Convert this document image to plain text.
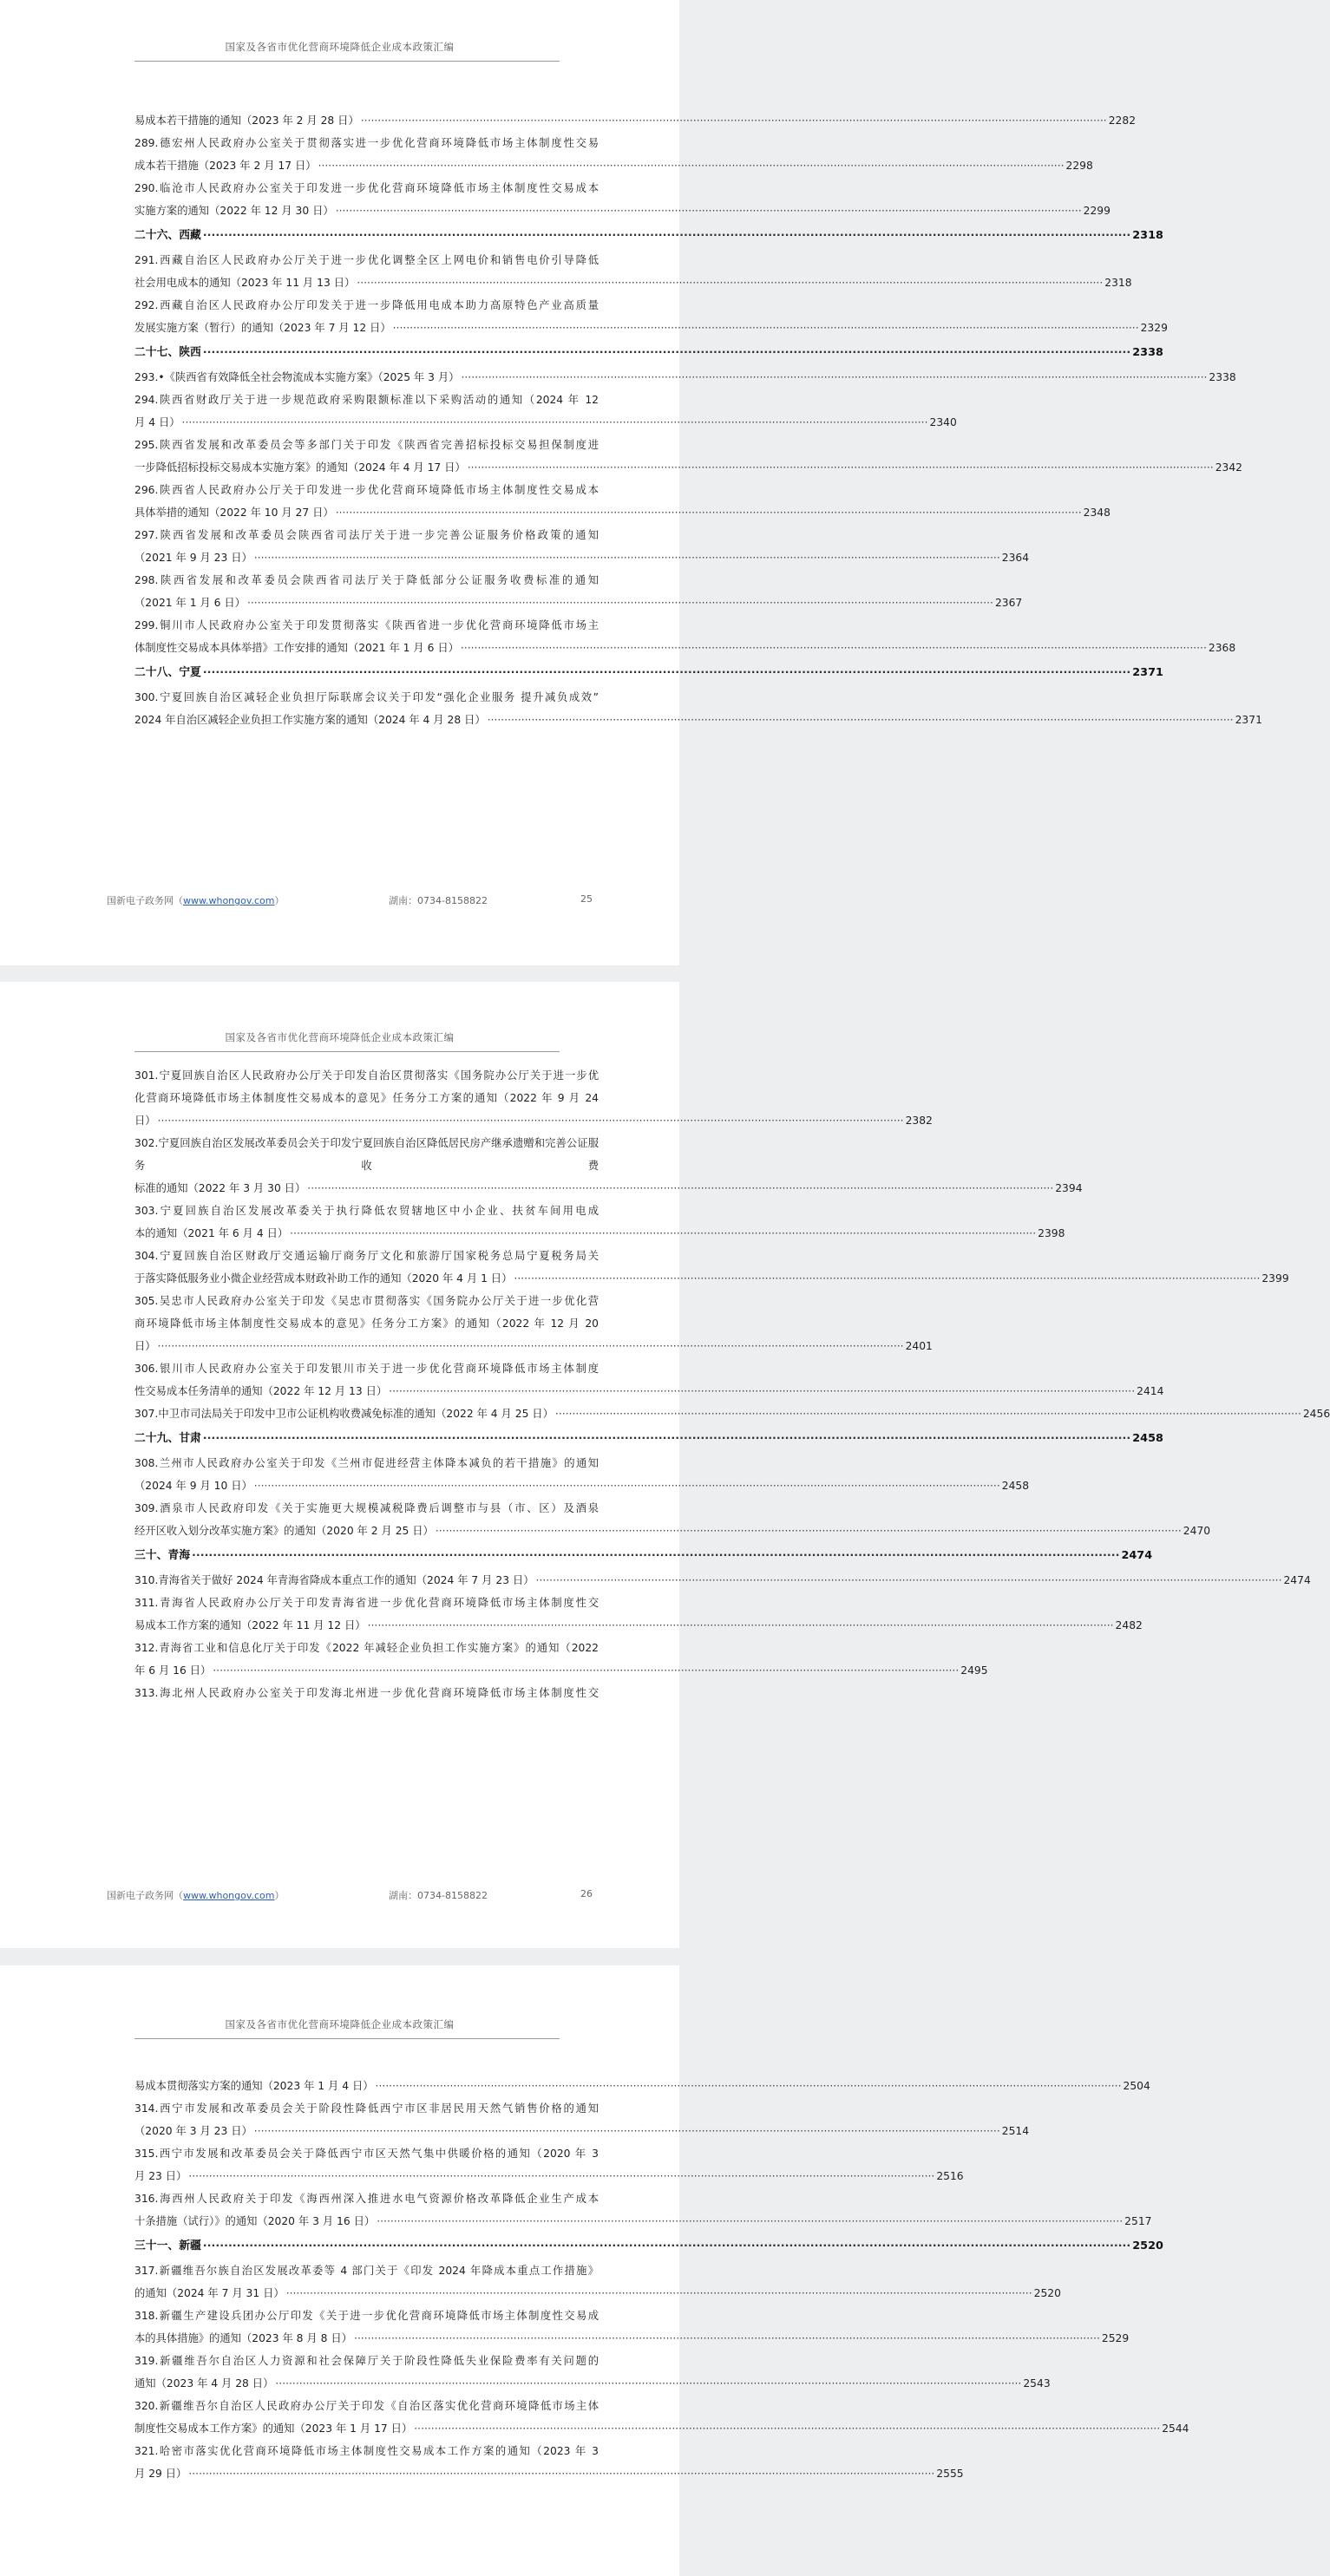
国家及各省市优化营商环境降低企业成本政策汇编
易成本若干措施的通知（2023 年 2 月 28 日） ···························································································································································································································· 2282
289.德宏州人民政府办公室关于贯彻落实进一步优化营商环境降低市场主体制度性交易
成本若干措施（2023 年 2 月 17 日） ···························································································································································································································· 2298
290.临沧市人民政府办公室关于印发进一步优化营商环境降低市场主体制度性交易成本
实施方案的通知（2022 年 12 月 30 日） ···························································································································································································································· 2299
二十六、西藏 ···························································································································································································································· 2318
291.西藏自治区人民政府办公厅关于进一步优化调整全区上网电价和销售电价引导降低
社会用电成本的通知（2023 年 11 月 13 日） ···························································································································································································································· 2318
292.西藏自治区人民政府办公厅印发关于进一步降低用电成本助力高原特色产业高质量
发展实施方案（暂行）的通知（2023 年 7 月 12 日） ···························································································································································································································· 2329
二十七、陕西 ···························································································································································································································· 2338
293.•《陕西省有效降低全社会物流成本实施方案》（2025 年 3 月） ···························································································································································································································· 2338
294.陕西省财政厅关于进一步规范政府采购限额标准以下采购活动的通知（2024 年 12
月 4 日） ···························································································································································································································· 2340
295.陕西省发展和改革委员会等多部门关于印发《陕西省完善招标投标交易担保制度进
一步降低招标投标交易成本实施方案》的通知（2024 年 4 月 17 日） ···························································································································································································································· 2342
296.陕西省人民政府办公厅关于印发进一步优化营商环境降低市场主体制度性交易成本
具体举措的通知（2022 年 10 月 27 日） ···························································································································································································································· 2348
297.陕西省发展和改革委员会陕西省司法厅关于进一步完善公证服务价格政策的通知
（2021 年 9 月 23 日） ···························································································································································································································· 2364
298.陕西省发展和改革委员会陕西省司法厅关于降低部分公证服务收费标准的通知
（2021 年 1 月 6 日） ···························································································································································································································· 2367
299.铜川市人民政府办公室关于印发贯彻落实《陕西省进一步优化营商环境降低市场主
体制度性交易成本具体举措》工作安排的通知（2021 年 1 月 6 日） ···························································································································································································································· 2368
二十八、宁夏 ···························································································································································································································· 2371
300.宁夏回族自治区减轻企业负担厅际联席会议关于印发“强化企业服务 提升减负成效”
2024 年自治区减轻企业负担工作实施方案的通知（2024 年 4 月 28 日） ···························································································································································································································· 2371
国新电子政务网（www.whongov.com）	湖南：0734-8158822	25
国家及各省市优化营商环境降低企业成本政策汇编
301.宁夏回族自治区人民政府办公厅关于印发自治区贯彻落实《国务院办公厅关于进一步优
化营商环境降低市场主体制度性交易成本的意见》任务分工方案的通知（2022 年 9 月 24
日） ···························································································································································································································· 2382
302.宁夏回族自治区发展改革委员会关于印发宁夏回族自治区降低居民房产继承遗赠和完善公证服务收费
标准的通知（2022 年 3 月 30 日） ···························································································································································································································· 2394
303.宁夏回族自治区发展改革委关于执行降低农贸辖地区中小企业、扶贫车间用电成
本的通知（2021 年 6 月 4 日） ···························································································································································································································· 2398
304.宁夏回族自治区财政厅交通运输厅商务厅文化和旅游厅国家税务总局宁夏税务局关
于落实降低服务业小微企业经营成本财政补助工作的通知（2020 年 4 月 1 日） ···························································································································································································································· 2399
305.吴忠市人民政府办公室关于印发《吴忠市贯彻落实《国务院办公厅关于进一步优化营
商环境降低市场主体制度性交易成本的意见》任务分工方案》的通知（2022 年 12 月 20
日） ···························································································································································································································· 2401
306.银川市人民政府办公室关于印发银川市关于进一步优化营商环境降低市场主体制度
性交易成本任务清单的通知（2022 年 12 月 13 日） ···························································································································································································································· 2414
307.中卫市司法局关于印发中卫市公证机构收费减免标准的通知（2022 年 4 月 25 日） ···························································································································································································································· 2456
二十九、甘肃 ···························································································································································································································· 2458
308.兰州市人民政府办公室关于印发《兰州市促进经营主体降本减负的若干措施》的通知
（2024 年 9 月 10 日） ···························································································································································································································· 2458
309.酒泉市人民政府印发《关于实施更大规模减税降费后调整市与县（市、区）及酒泉
经开区收入划分改革实施方案》的通知（2020 年 2 月 25 日） ···························································································································································································································· 2470
三十、青海 ···························································································································································································································· 2474
310.青海省关于做好 2024 年青海省降成本重点工作的通知（2024 年 7 月 23 日） ···························································································································································································································· 2474
311.青海省人民政府办公厅关于印发青海省进一步优化营商环境降低市场主体制度性交
易成本工作方案的通知（2022 年 11 月 12 日） ···························································································································································································································· 2482
312.青海省工业和信息化厅关于印发《2022 年减轻企业负担工作实施方案》的通知（2022
年 6 月 16 日） ···························································································································································································································· 2495
313.海北州人民政府办公室关于印发海北州进一步优化营商环境降低市场主体制度性交
国新电子政务网（www.whongov.com）	湖南：0734-8158822	26
国家及各省市优化营商环境降低企业成本政策汇编
易成本贯彻落实方案的通知（2023 年 1 月 4 日） ···························································································································································································································· 2504
314.西宁市发展和改革委员会关于阶段性降低西宁市区非居民用天然气销售价格的通知
（2020 年 3 月 23 日） ···························································································································································································································· 2514
315.西宁市发展和改革委员会关于降低西宁市区天然气集中供暖价格的通知（2020 年 3
月 23 日） ···························································································································································································································· 2516
316.海西州人民政府关于印发《海西州深入推进水电气资源价格改革降低企业生产成本
十条措施（试行）》的通知（2020 年 3 月 16 日） ···························································································································································································································· 2517
三十一、新疆 ···························································································································································································································· 2520
317.新疆维吾尔族自治区发展改革委等 4 部门关于《印发 2024 年降成本重点工作措施》
的通知（2024 年 7 月 31 日） ···························································································································································································································· 2520
318.新疆生产建设兵团办公厅印发《关于进一步优化营商环境降低市场主体制度性交易成
本的具体措施》的通知（2023 年 8 月 8 日） ···························································································································································································································· 2529
319.新疆维吾尔自治区人力资源和社会保障厅关于阶段性降低失业保险费率有关问题的
通知（2023 年 4 月 28 日） ···························································································································································································································· 2543
320.新疆维吾尔自治区人民政府办公厅关于印发《自治区落实优化营商环境降低市场主体
制度性交易成本工作方案》的通知（2023 年 1 月 17 日） ···························································································································································································································· 2544
321.哈密市落实优化营商环境降低市场主体制度性交易成本工作方案的通知（2023 年 3
月 29 日） ···························································································································································································································· 2555
